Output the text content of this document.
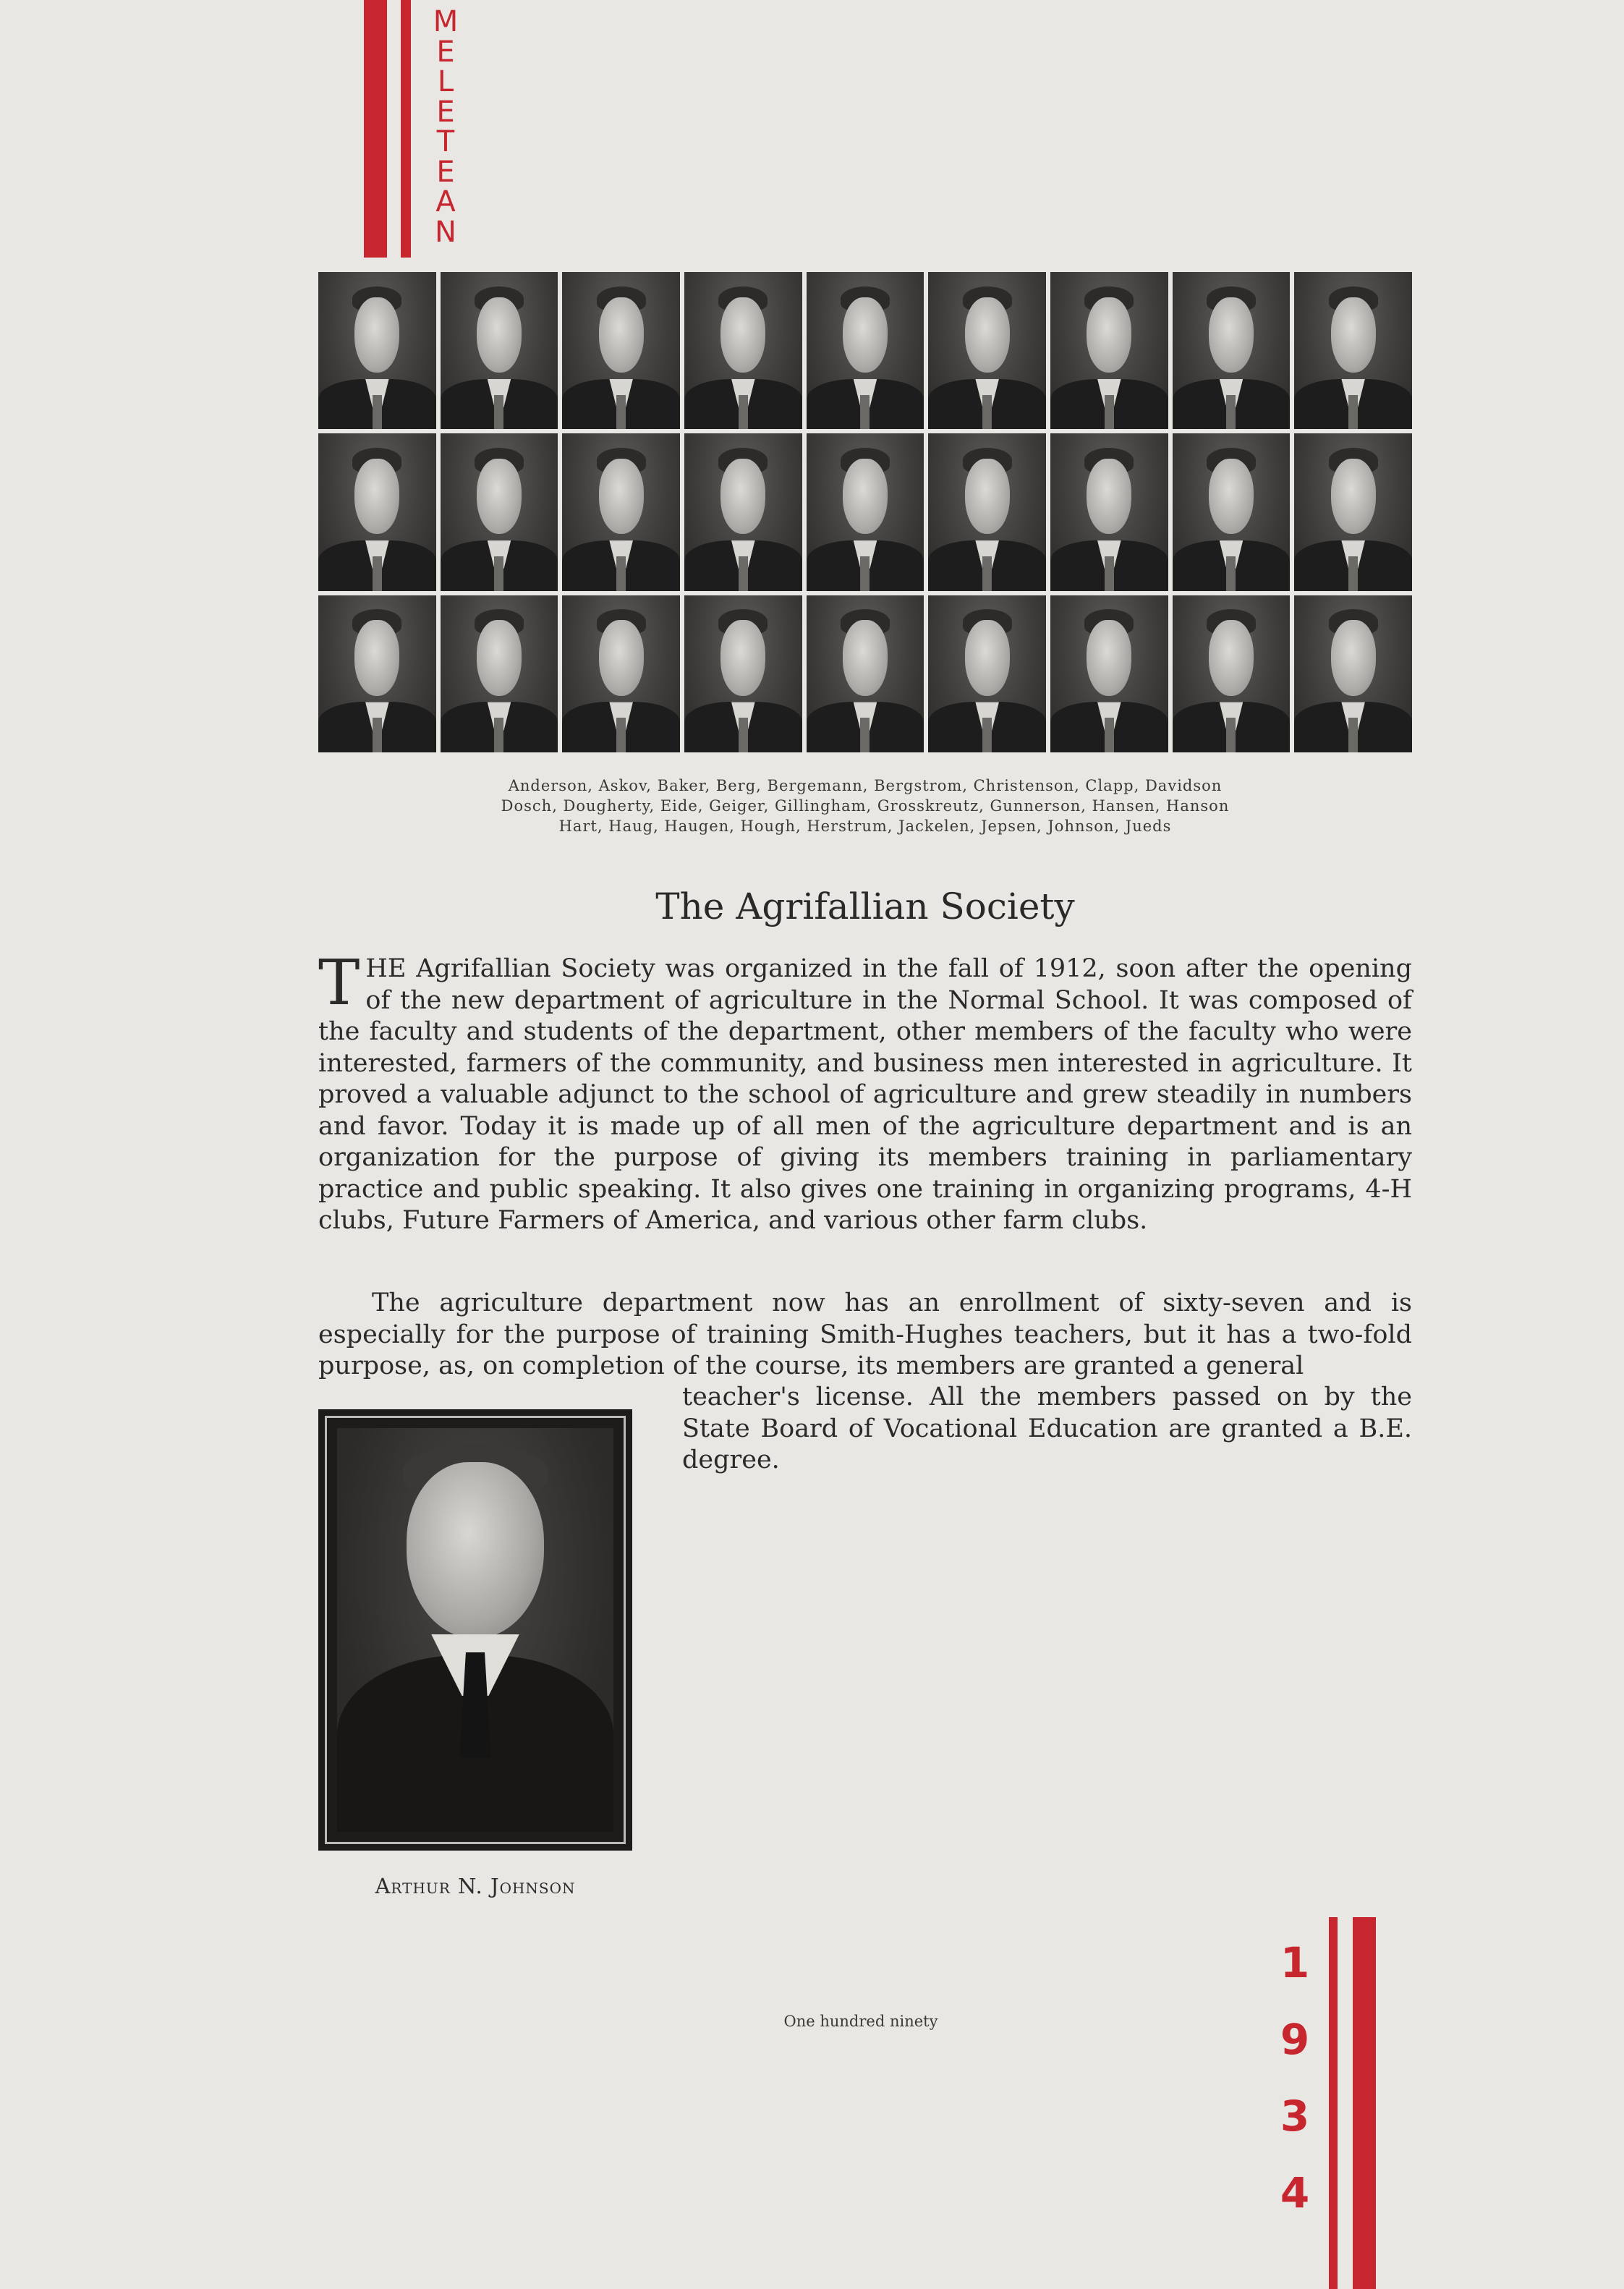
M
E
L
E
T
E
A
N
Anderson, Askov, Baker, Berg, Bergemann, Bergstrom, Christenson, Clapp, Davidson
Dosch, Dougherty, Eide, Geiger, Gillingham, Grosskreutz, Gunnerson, Hansen, Hanson
Hart, Haug, Haugen, Hough, Herstrum, Jackelen, Jepsen, Johnson, Jueds
The Agrifallian Society
THE Agrifallian Society was organized in the fall of 1912, soon after the opening of the new department of agriculture in the Normal School. It was composed of the faculty and students of the department, other members of the faculty who were interested, farmers of the community, and business men interested in agriculture. It proved a valuable adjunct to the school of agriculture and grew steadily in numbers and favor. Today it is made up of all men of the agriculture department and is an organization for the purpose of giving its members training in parliamentary practice and public speaking. It also gives one training in organizing programs, 4-H clubs, Future Farmers of America, and various other farm clubs.
The agriculture department now has an enrollment of sixty-seven and is especially for the purpose of training Smith-Hughes teachers, but it has a two-fold purpose, as, on completion of the course, its members are granted a general
teacher's license. All the members passed on by the State Board of Vocational Education are granted a B.E. degree.
Arthur N. Johnson
One hundred ninety
1
9
3
4
